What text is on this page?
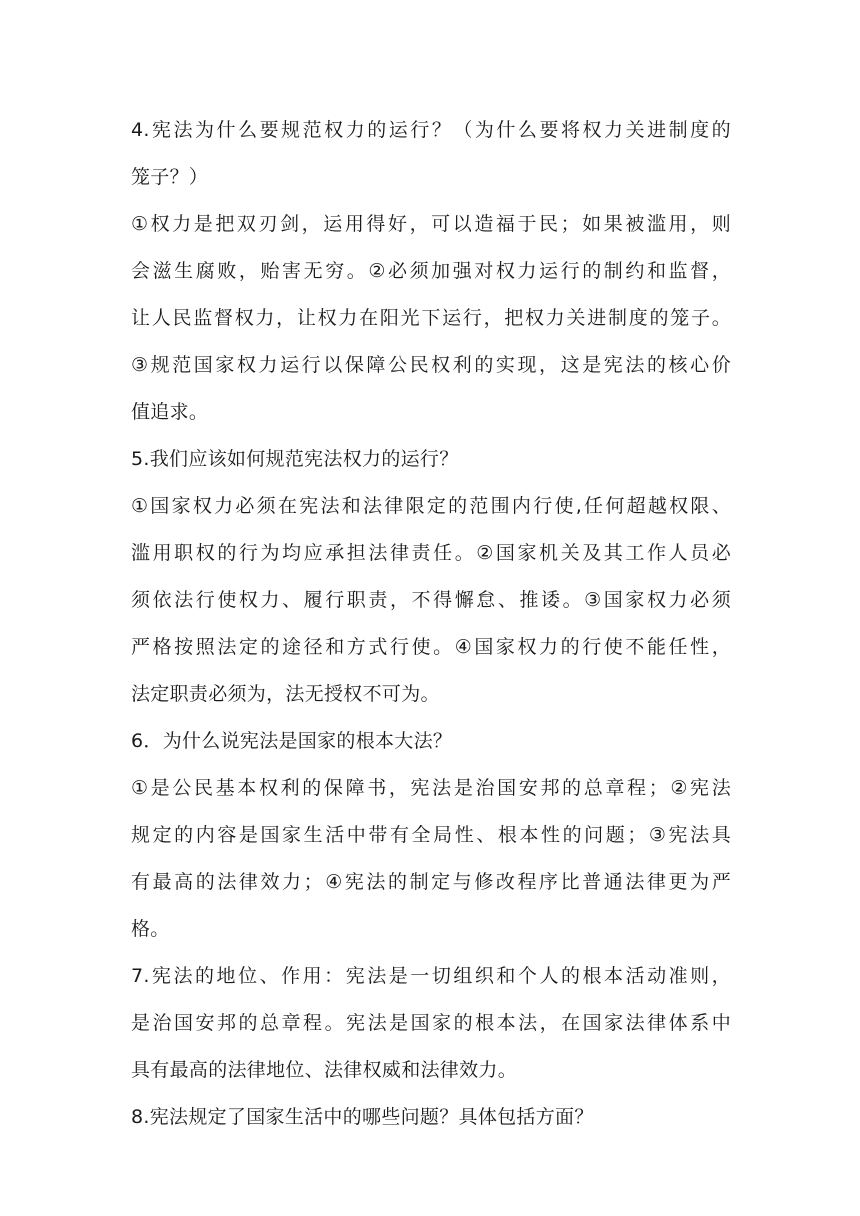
4.宪法为什么要规范权力的运行？（为什么要将权力关进制度的
笼子？）
①权力是把双刃剑，运用得好，可以造福于民；如果被滥用，则
会滋生腐败，贻害无穷。②必须加强对权力运行的制约和监督，
让人民监督权力，让权力在阳光下运行，把权力关进制度的笼子。
③规范国家权力运行以保障公民权利的实现，这是宪法的核心价
值追求。
5.我们应该如何规范宪法权力的运行？
①国家权力必须在宪法和法律限定的范围内行使,任何超越权限、
滥用职权的行为均应承担法律责任。②国家机关及其工作人员必
须依法行使权力、履行职责，不得懈怠、推诿。③国家权力必须
严格按照法定的途径和方式行使。④国家权力的行使不能任性，
法定职责必须为，法无授权不可为。
6．为什么说宪法是国家的根本大法？
①是公民基本权利的保障书，宪法是治国安邦的总章程；②宪法
规定的内容是国家生活中带有全局性、根本性的问题；③宪法具
有最高的法律效力；④宪法的制定与修改程序比普通法律更为严
格。
7.宪法的地位、作用：宪法是一切组织和个人的根本活动准则，
是治国安邦的总章程。宪法是国家的根本法，在国家法律体系中
具有最高的法律地位、法律权威和法律效力。
8.宪法规定了国家生活中的哪些问题？具体包括方面？
